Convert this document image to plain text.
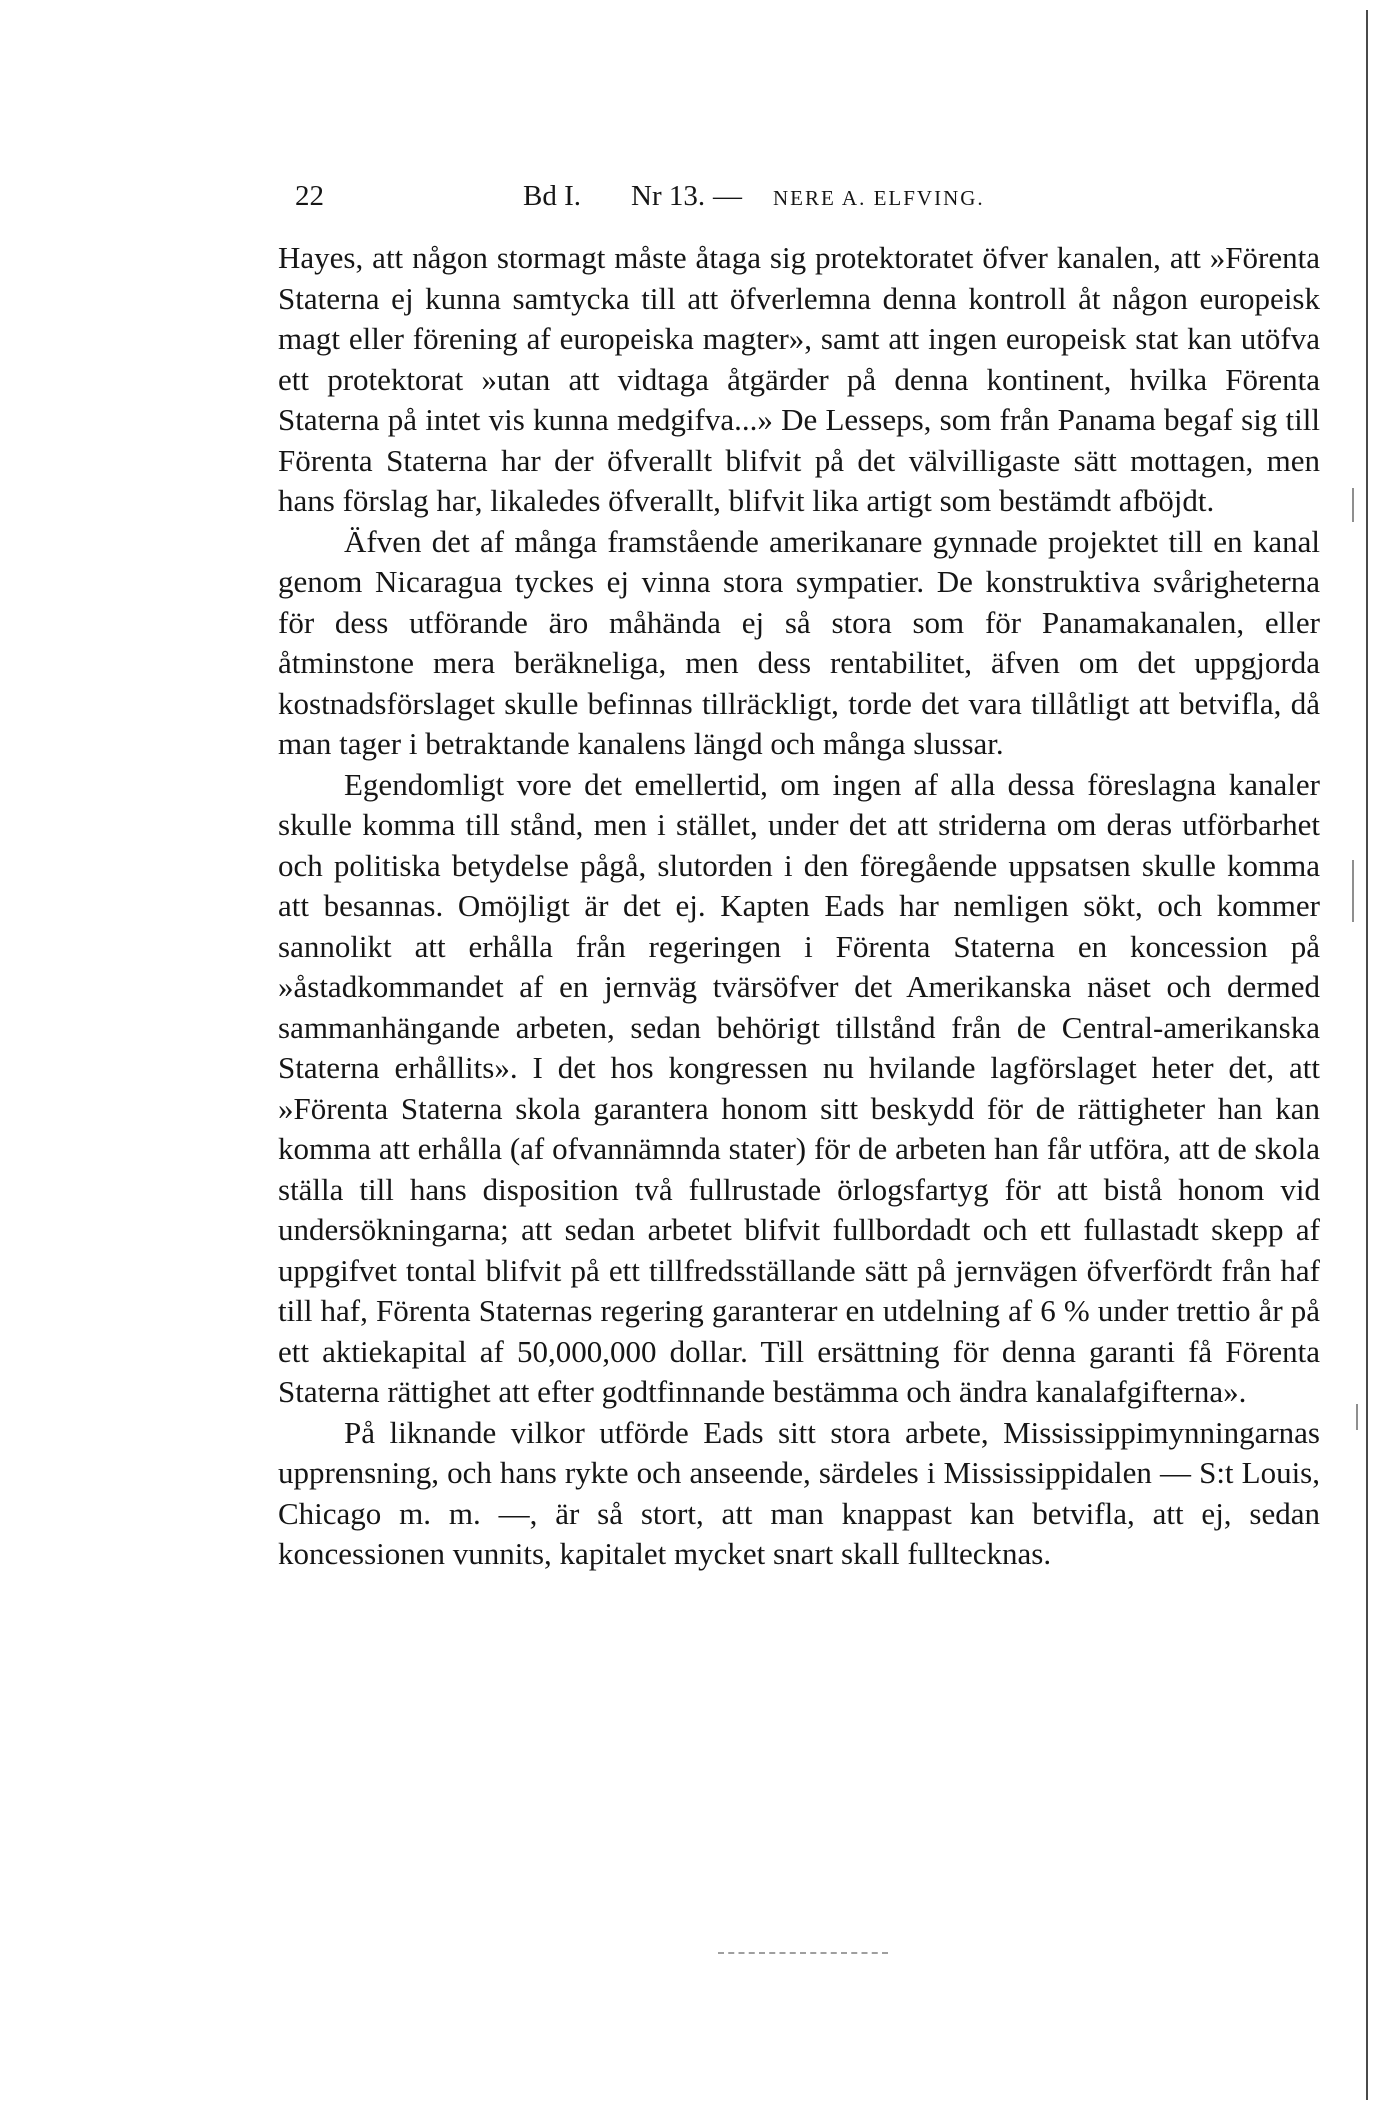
22	Bd I. Nr 13. — NERE A. ELFVING.

Hayes, att någon stormagt måste åtaga sig protektoratet öfver kanalen, att »Förenta Staterna ej kunna samtycka till att öfverlemna denna kontroll åt någon europeisk magt eller förening af europeiska magter», samt att ingen europeisk stat kan utöfva ett protektorat »utan att vidtaga åtgärder på denna kontinent, hvilka Förenta Staterna på intet vis kunna medgifva...» De Lesseps, som från Panama begaf sig till Förenta Staterna har der öfverallt blifvit på det välvilligaste sätt mottagen, men hans förslag har, likaledes öfverallt, blifvit lika artigt som bestämdt afböjdt.

Äfven det af många framstående amerikanare gynnade projektet till en kanal genom Nicaragua tyckes ej vinna stora sympatier. De konstruktiva svårigheterna för dess utförande äro måhända ej så stora som för Panamakanalen, eller åtminstone mera beräkneliga, men dess rentabilitet, äfven om det uppgjorda kostnadsförslaget skulle befinnas tillräckligt, torde det vara tillåtligt att betvifla, då man tager i betraktande kanalens längd och många slussar.

Egendomligt vore det emellertid, om ingen af alla dessa föreslagna kanaler skulle komma till stånd, men i stället, under det att striderna om deras utförbarhet och politiska betydelse pågå, slutorden i den föregående uppsatsen skulle komma att besannas. Omöjligt är det ej. Kapten Eads har nemligen sökt, och kommer sannolikt att erhålla från regeringen i Förenta Staterna en koncession på »åstadkommandet af en jernväg tvärsöfver det Amerikanska näset och dermed sammanhängande arbeten, sedan behörigt tillstånd från de Central-amerikanska Staterna erhållits». I det hos kongressen nu hvilande lagförslaget heter det, att »Förenta Staterna skola garantera honom sitt beskydd för de rättigheter han kan komma att erhålla (af ofvannämnda stater) för de arbeten han får utföra, att de skola ställa till hans disposition två fullrustade örlogsfartyg för att bistå honom vid undersökningarna; att sedan arbetet blifvit fullbordadt och ett fullastadt skepp af uppgifvet tontal blifvit på ett tillfredsställande sätt på jernvägen öfverfördt från haf till haf, Förenta Staternas regering garanterar en utdelning af 6 % under trettio år på ett aktiekapital af 50,000,000 dollar. Till ersättning för denna garanti få Förenta Staterna rättighet att efter godtfinnande bestämma och ändra kanalafgifterna».

På liknande vilkor utförde Eads sitt stora arbete, Mississippimynningarnas upprensning, och hans rykte och anseende, särdeles i Mississippidalen — S:t Louis, Chicago m. m. —, är så stort, att man knappast kan betvifla, att ej, sedan koncessionen vunnits, kapitalet mycket snart skall fulltecknas.
